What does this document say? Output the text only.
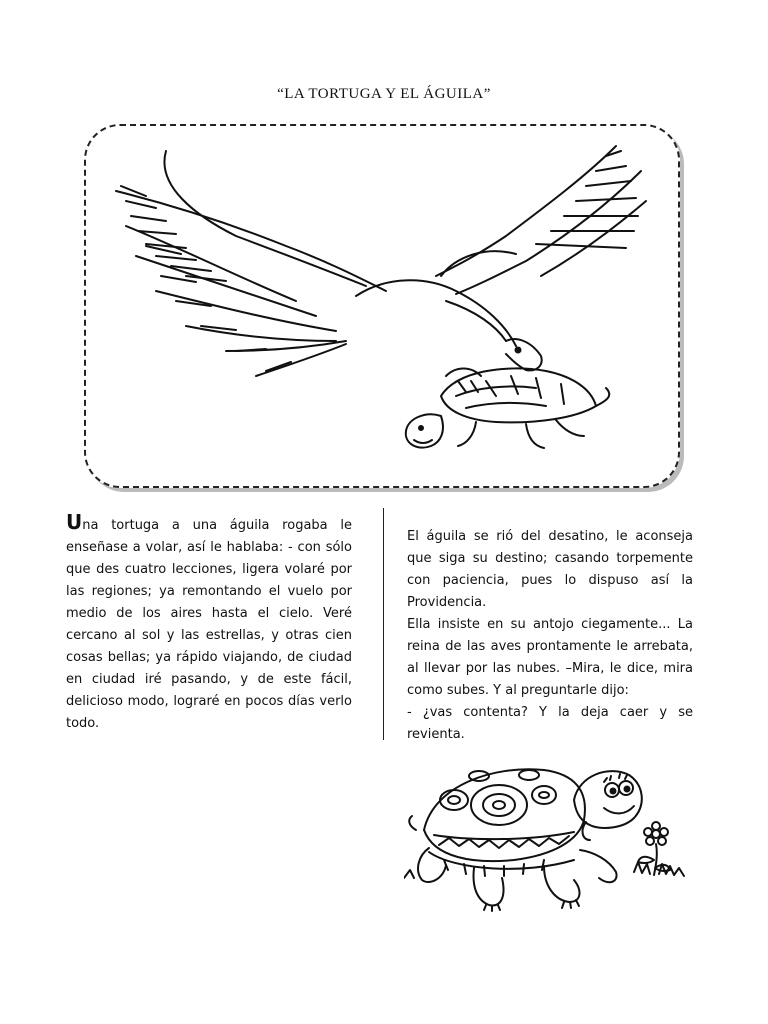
“LA TORTUGA Y EL ÁGUILA”

Una tortuga a una águila rogaba le enseñase a volar, así le hablaba: - con sólo que des cuatro lecciones, ligera volaré por las regiones; ya remontando el vuelo por medio de los aires hasta el cielo. Veré cercano al sol y las estrellas, y otras cien cosas bellas; ya rápido viajando, de ciudad en ciudad iré pasando, y de este fácil, delicioso modo, lograré en pocos días verlo todo.

El águila se rió del desatino, le aconseja que siga su destino; casando torpemente con paciencia, pues lo dispuso así la Providencia.

Ella insiste en su antojo ciegamente... La reina de las aves prontamente le arrebata, al llevar por las nubes. –Mira, le dice, mira como subes. Y al preguntarle dijo:

- ¿vas contenta? Y la deja caer y se revienta.
